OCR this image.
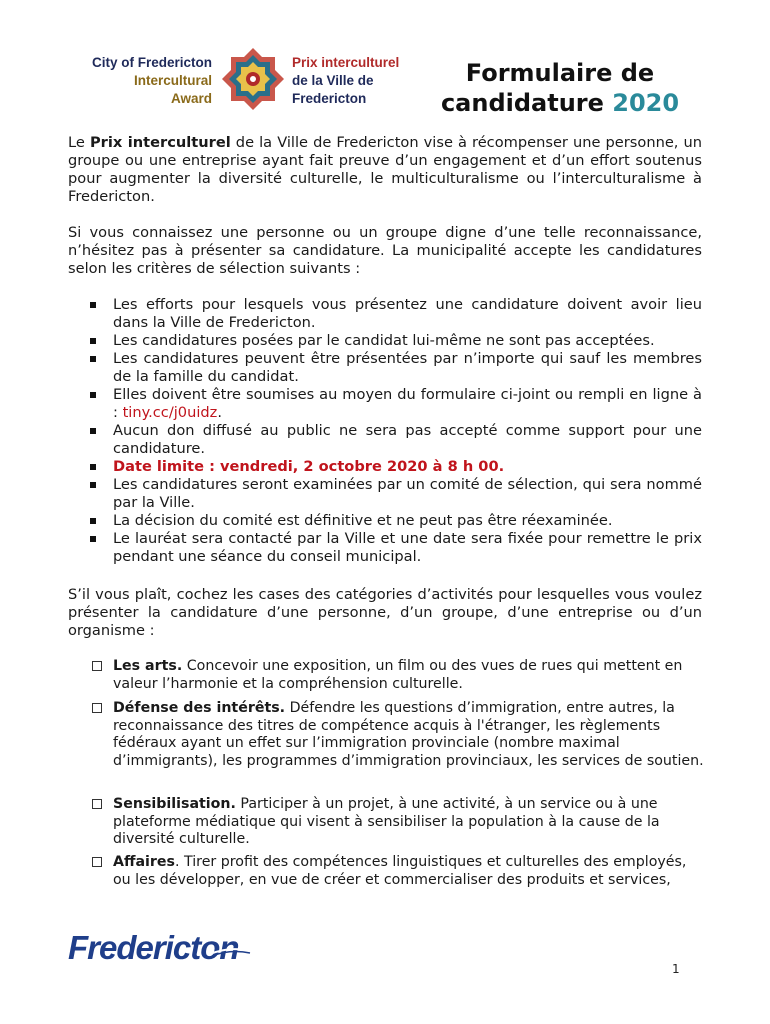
City of Fredericton
Intercultural
Award
Prix interculturel
de la Ville de
Fredericton
Formulaire de
candidature 2020
Le Prix interculturel de la Ville de Fredericton vise à récompenser une personne, un groupe ou une entreprise ayant fait preuve d’un engagement et d’un effort soutenus pour augmenter la diversité culturelle, le multiculturalisme ou l’interculturalisme à Fredericton.
Si vous connaissez une personne ou un groupe digne d’une telle reconnaissance, n’hésitez pas à présenter sa candidature. La municipalité accepte les candidatures selon les critères de sélection suivants :
Les efforts pour lesquels vous présentez une candidature doivent avoir lieu dans la Ville de Fredericton.
Les candidatures posées par le candidat lui-même ne sont pas acceptées.
Les candidatures peuvent être présentées par n’importe qui sauf les membres de la famille du candidat.
Elles doivent être soumises au moyen du formulaire ci-joint ou rempli en ligne à : tiny.cc/j0uidz.
Aucun don diffusé au public ne sera pas accepté comme support pour une candidature.
Date limite : vendredi, 2 octobre 2020 à 8 h 00.
Les candidatures seront examinées par un comité de sélection, qui sera nommé par la Ville.
La décision du comité est définitive et ne peut pas être réexaminée.
Le lauréat sera contacté par la Ville et une date sera fixée pour remettre le prix pendant une séance du conseil municipal.
S’il vous plaît, cochez les cases des catégories d’activités pour lesquelles vous voulez présenter la candidature d’une personne, d’un groupe, d’une entreprise ou d’un organisme :
Les arts. Concevoir une exposition, un film ou des vues de rues qui mettent en valeur l’harmonie et la compréhension culturelle.
Défense des intérêts. Défendre les questions d’immigration, entre autres, la reconnaissance des titres de compétence acquis à l'étranger, les règlements fédéraux ayant un effet sur l’immigration provinciale (nombre maximal d’immigrants), les programmes d’immigration provinciaux, les services de soutien.
Sensibilisation. Participer à un projet, à une activité, à un service ou à une plateforme médiatique qui visent à sensibiliser la population à la cause de la diversité culturelle.
Affaires. Tirer profit des compétences linguistiques et culturelles des employés, ou les développer, en vue de créer et commercialiser des produits et services,
Fredericton
1
